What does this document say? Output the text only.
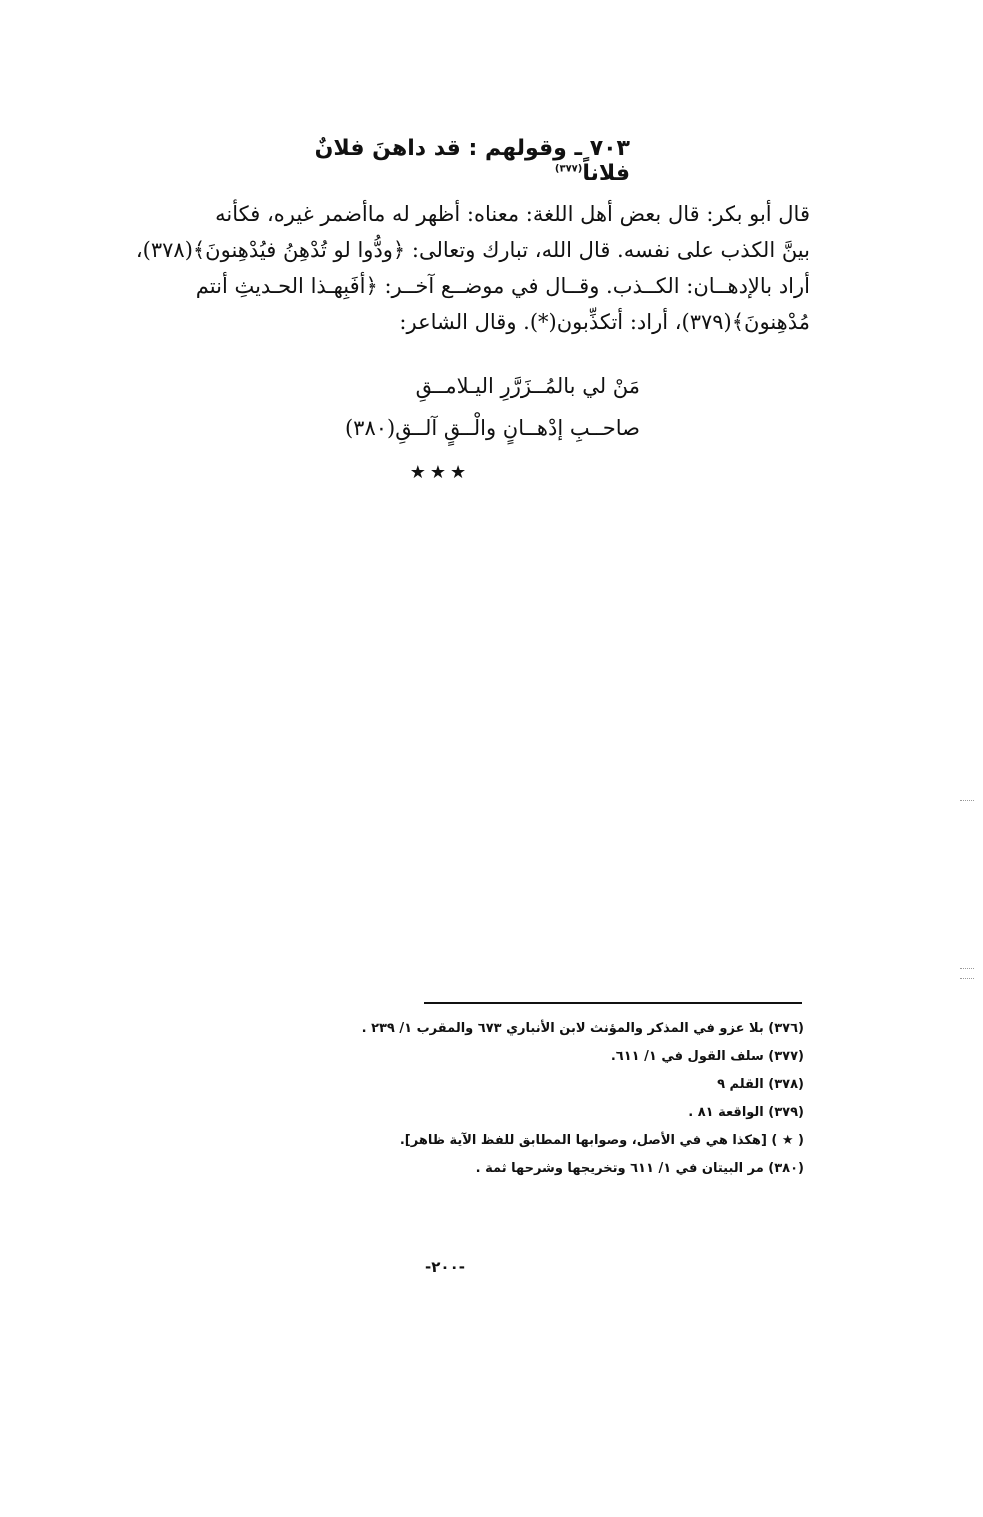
٧٠٣ ـ وقولهم : قد داهنَ فلانٌ فلاناً$^{(٣٧٧)}$

قال أبو بكر: قال بعض أهل اللغة: معناه: أظهر له ماأضمر غيره، فكأنه

بينَّ الكذب على نفسه. قال الله، تبارك وتعالى: ﴿ودُّوا لو تُدْهِنُ فيُدْهِنونَ﴾(٣٧٨)،

أراد بالإدهــان: الكــذب. وقــال في موضــع آخــر: ﴿أفَبِهـذا الحـديثِ أنتم

مُدْهِنونَ﴾(٣٧٩)، أراد: أتكذِّبون(*). وقال الشاعر:

مَنْ لي بالمُــزَرَّرِ اليـلامــقِ
صاحــبِ إدْهــانٍ والْــقٍ آلــقِ(٣٨٠)
★★★
(٣٧٦) بلا عزو في المذكر والمؤنث لابن الأنباري ٦٧٣ والمقرب ١/ ٢٣٩ .
(٣٧٧) سلف القول في ١/ ٦١١.
(٣٧٨) القلم ٩
(٣٧٩) الواقعة ٨١ .
( ★ ) [هكذا هي في الأصل، وصوابها المطابق للفظ الآية ظاهر].
(٣٨٠) مر البيتان في ١/ ٦١١ وتخريجها وشرحها ثمة .
-٢٠٠-
